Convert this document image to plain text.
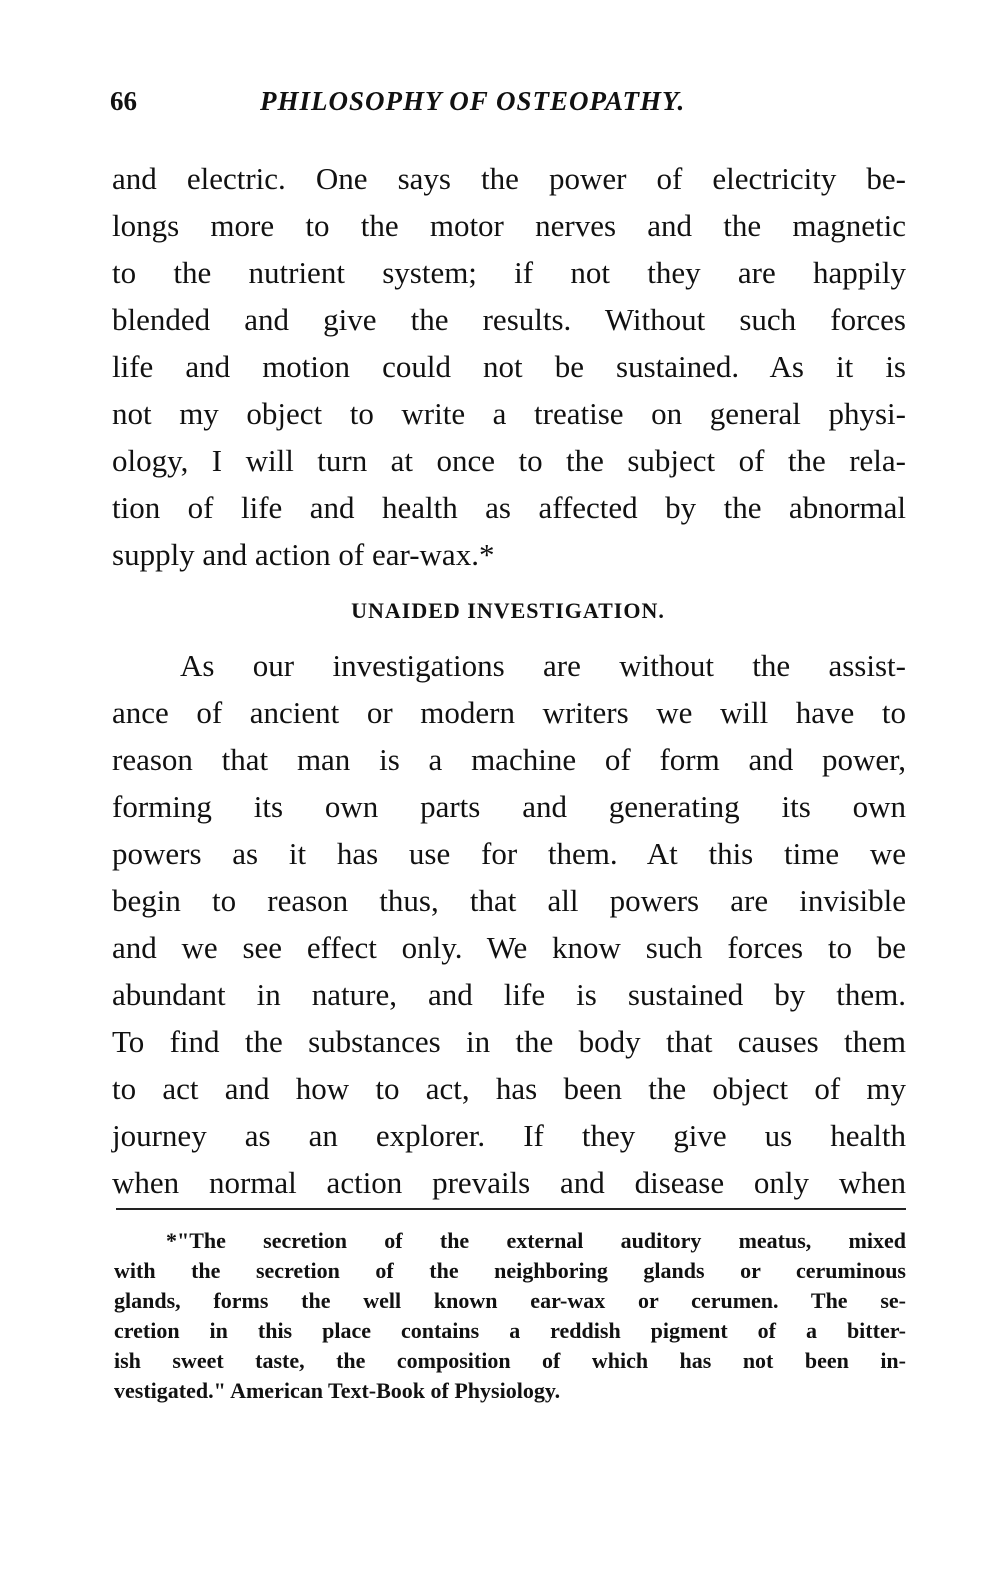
66	PHILOSOPHY OF OSTEOPATHY.
and electric. One says the power of electricity be-
longs more to the motor nerves and the magnetic
to the nutrient system; if not they are happily
blended and give the results. Without such forces
life and motion could not be sustained. As it is
not my object to write a treatise on general physi-
ology, I will turn at once to the subject of the rela-
tion of life and health as affected by the abnormal
supply and action of ear-wax.*
UNAIDED INVESTIGATION.
As our investigations are without the assist-
ance of ancient or modern writers we will have to
reason that man is a machine of form and power,
forming its own parts and generating its own
powers as it has use for them. At this time we
begin to reason thus, that all powers are invisible
and we see effect only. We know such forces to be
abundant in nature, and life is sustained by them.
To find the substances in the body that causes them
to act and how to act, has been the object of my
journey as an explorer. If they give us health
when normal action prevails and disease only when
*"The secretion of the external auditory meatus, mixed
with the secretion of the neighboring glands or ceruminous
glands, forms the well known ear-wax or cerumen. The se-
cretion in this place contains a reddish pigment of a bitter-
ish sweet taste, the composition of which has not been in-
vestigated." American Text-Book of Physiology.
